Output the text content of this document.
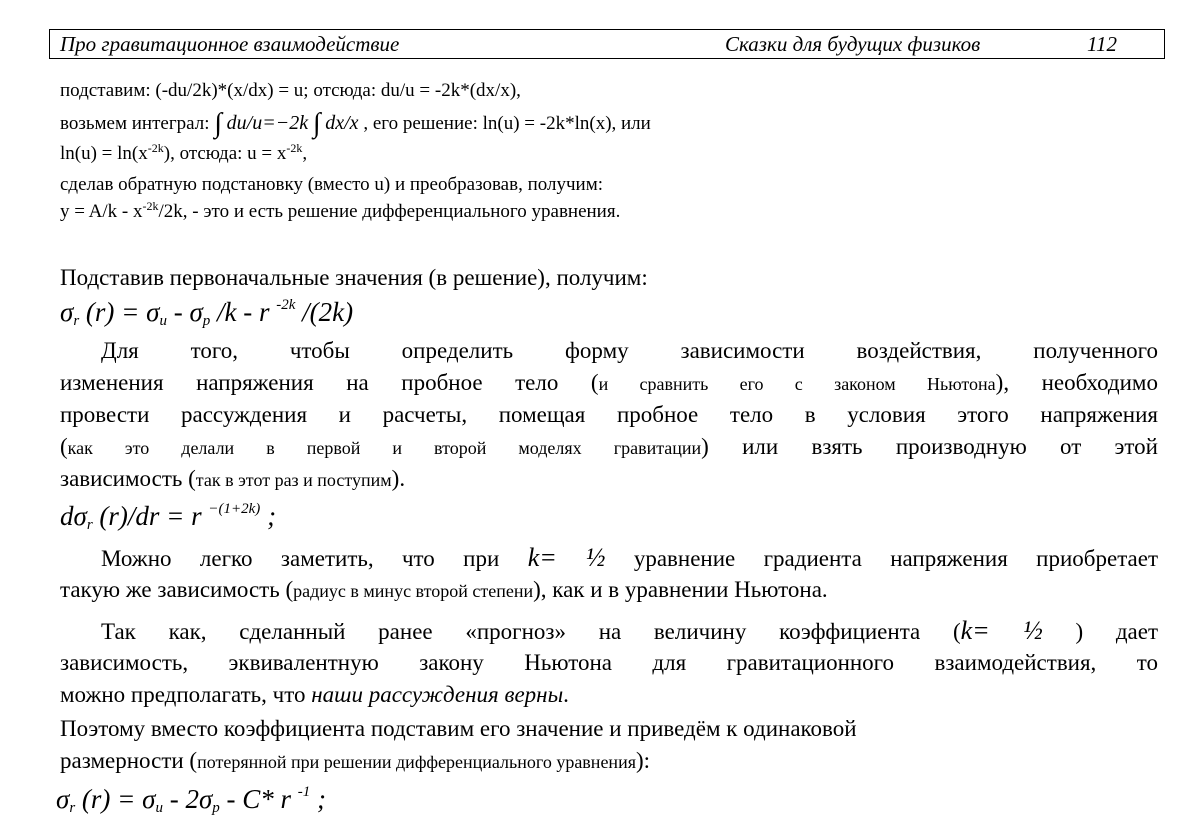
Про гравитационное взаимодействие	Сказки для будущих физиков	112
подставим: (-du/2k)*(x/dx) = u; отсюда: du/u = -2k*(dx/x),
возьмем интеграл: ∫ du/u=−2k ∫ dx/x , его решение: ln(u) = -2k*ln(x), или
$\ln(u) = \ln(x^{-2k})$, отсюда: $u = x^{-2k}$,
сделав обратную подстановку (вместо u) и преобразовав, получим:
$y = A/k - x^{-2k}/2k$, - это и есть решение дифференциального уравнения.
Подставив первоначальные значения (в решение), получим:
$\sigma_r$ $(r) = \sigma_u - \sigma_p$ /k - r $^{-2k}$ /(2k)
Для того, чтобы определить форму зависимости воздействия, полученного
изменения напряжения на пробное тело (и сравнить его с законом Ньютона), необходимо
провести рассуждения и расчеты, помещая пробное тело в условия этого напряжения
(как это делали в первой и второй моделях гравитации) или взять производную от этой
зависимость (так в этот раз и поступим).
$d\sigma_r$ (r)/dr = r $^{-(1+2k)}$ ;
Можно легко заметить, что при k= ½ уравнение градиента напряжения приобретает
такую же зависимость (радиус в минус второй степени), как и в уравнении Ньютона.
Так как, сделанный ранее «прогноз» на величину коэффициента (k= ½ ) дает
зависимость, эквивалентную закону Ньютона для гравитационного взаимодействия, то
можно предполагать, что наши рассуждения верны.
Поэтому вместо коэффициента подставим его значение и приведём к одинаковой
размерности (потерянной при решении дифференциального уравнения):
$\sigma_r$ $(r) = \sigma_u - 2\sigma_p - C*$ r $^{-1}$ ;
